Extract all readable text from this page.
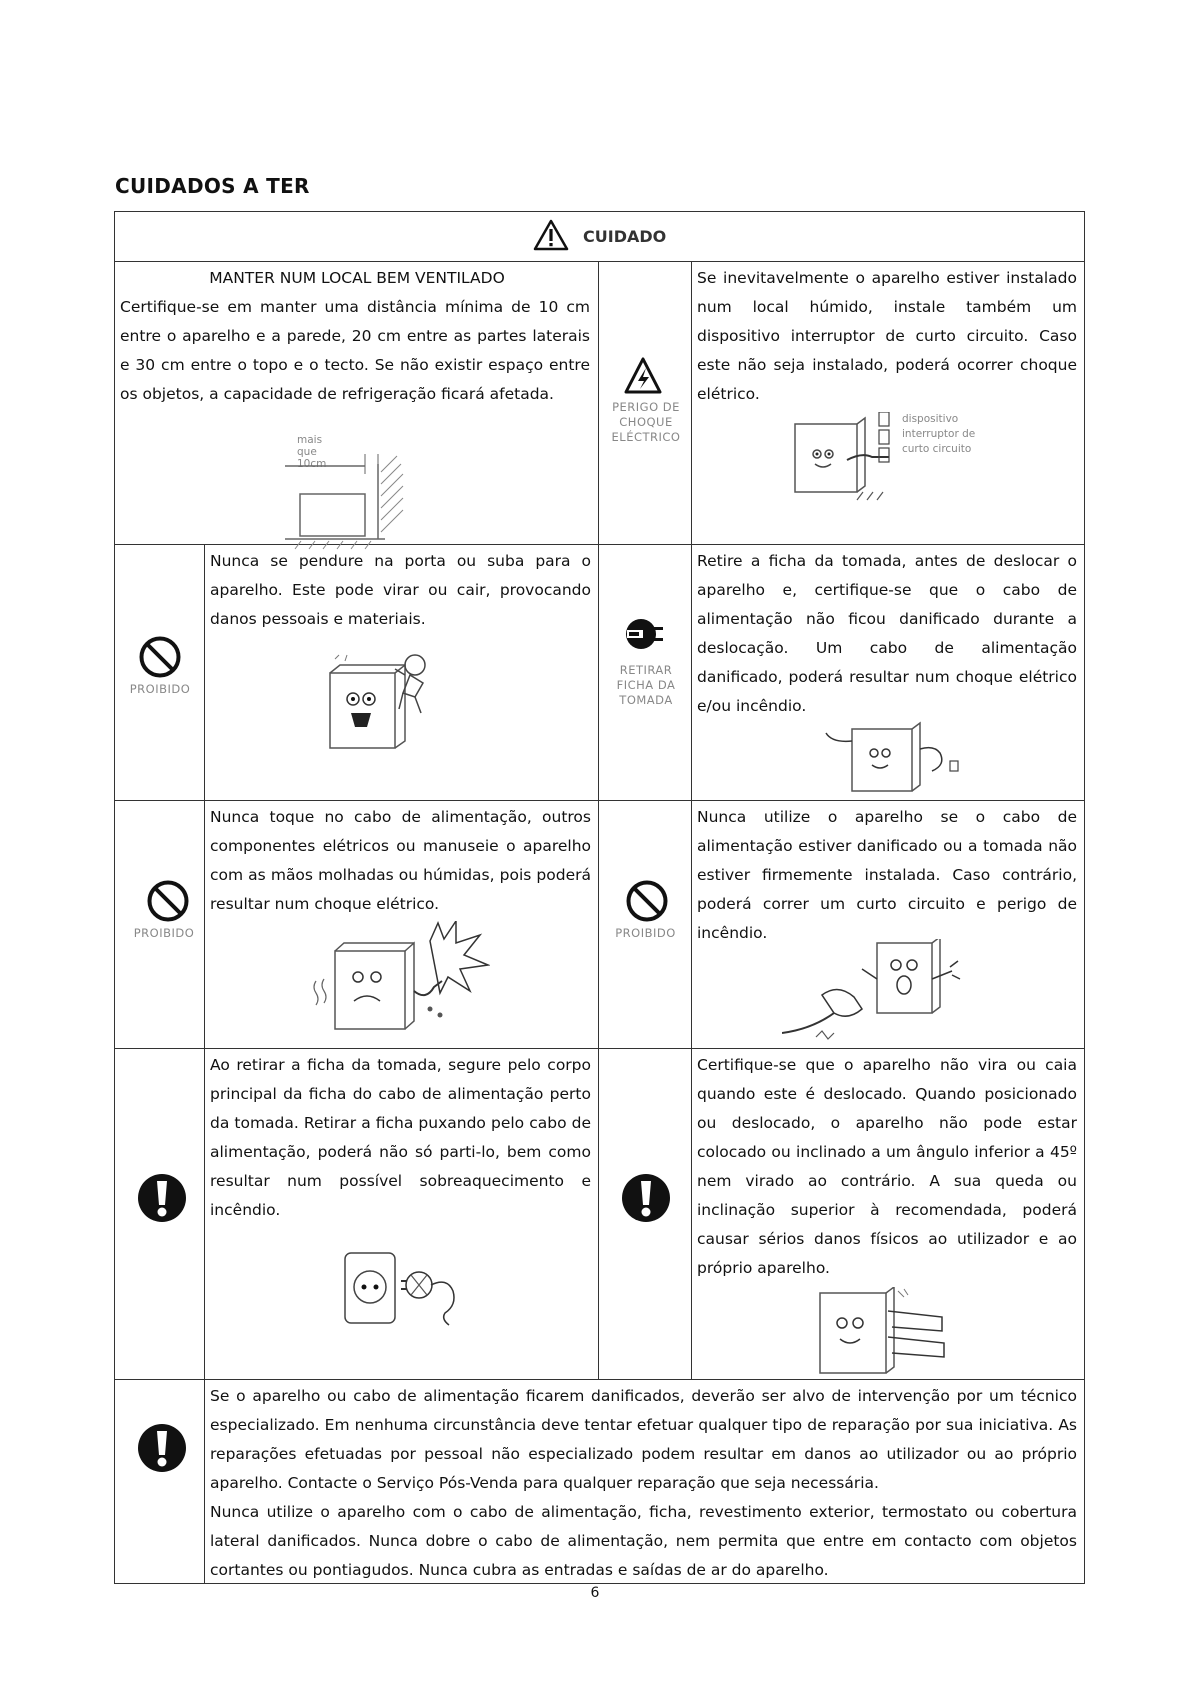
CUIDADOS A TER
CUIDADO
MANTER NUM LOCAL BEM VENTILADO
Certifique-se em manter uma distância mínima de 10 cm entre o aparelho e a parede, 20 cm entre as partes laterais e 30 cm entre o topo e o tecto. Se não existir espaço entre os objetos, a capacidade de refrigeração ficará afetada.
mais que 10cm
PERIGO DE
CHOQUE
ELÉCTRICO
Se inevitavelmente o aparelho estiver instalado num local húmido, instale também um dispositivo interruptor de curto circuito. Caso este não seja instalado, poderá ocorrer choque elétrico.
dispositivo
interruptor de
curto circuito
PROIBIDO
Nunca se pendure na porta ou suba para o aparelho. Este pode virar ou cair, provocando danos pessoais e materiais.
RETIRAR
FICHA DA
TOMADA
Retire a ficha da tomada, antes de deslocar o aparelho e, certifique-se que o cabo de alimentação não ficou danificado durante a deslocação. Um cabo de alimentação danificado, poderá resultar num choque elétrico e/ou incêndio.
PROIBIDO
Nunca toque no cabo de alimentação, outros componentes elétricos ou manuseie o aparelho com as mãos molhadas ou húmidas, pois poderá resultar num choque elétrico.
PROIBIDO
Nunca utilize o aparelho se o cabo de alimentação estiver danificado ou a tomada não estiver firmemente instalada. Caso contrário, poderá correr um curto circuito e perigo de incêndio.
Ao retirar a ficha da tomada, segure pelo corpo principal da ficha do cabo de alimentação perto da tomada. Retirar a ficha puxando pelo cabo de alimentação, poderá não só parti-lo, bem como resultar num possível sobreaquecimento e incêndio.
Certifique-se que o aparelho não vira ou caia quando este é deslocado. Quando posicionado ou deslocado, o aparelho não pode estar colocado ou inclinado a um ângulo inferior a 45º nem virado ao contrário. A sua queda ou inclinação superior à recomendada, poderá causar sérios danos físicos ao utilizador e ao próprio aparelho.

Se o aparelho ou cabo de alimentação ficarem danificados, deverão ser alvo de intervenção por um técnico especializado. Em nenhuma circunstância deve tentar efetuar qualquer tipo de reparação por sua iniciativa. As reparações efetuadas por pessoal não especializado podem resultar em danos ao utilizador ou ao próprio aparelho. Contacte o Serviço Pós-Venda para qualquer reparação que seja necessária.

Nunca utilize o aparelho com o cabo de alimentação, ficha, revestimento exterior, termostato ou cobertura lateral danificados. Nunca dobre o cabo de alimentação, nem permita que entre em contacto com objetos cortantes ou pontiagudos. Nunca cubra as entradas e saídas de ar do aparelho.

6
